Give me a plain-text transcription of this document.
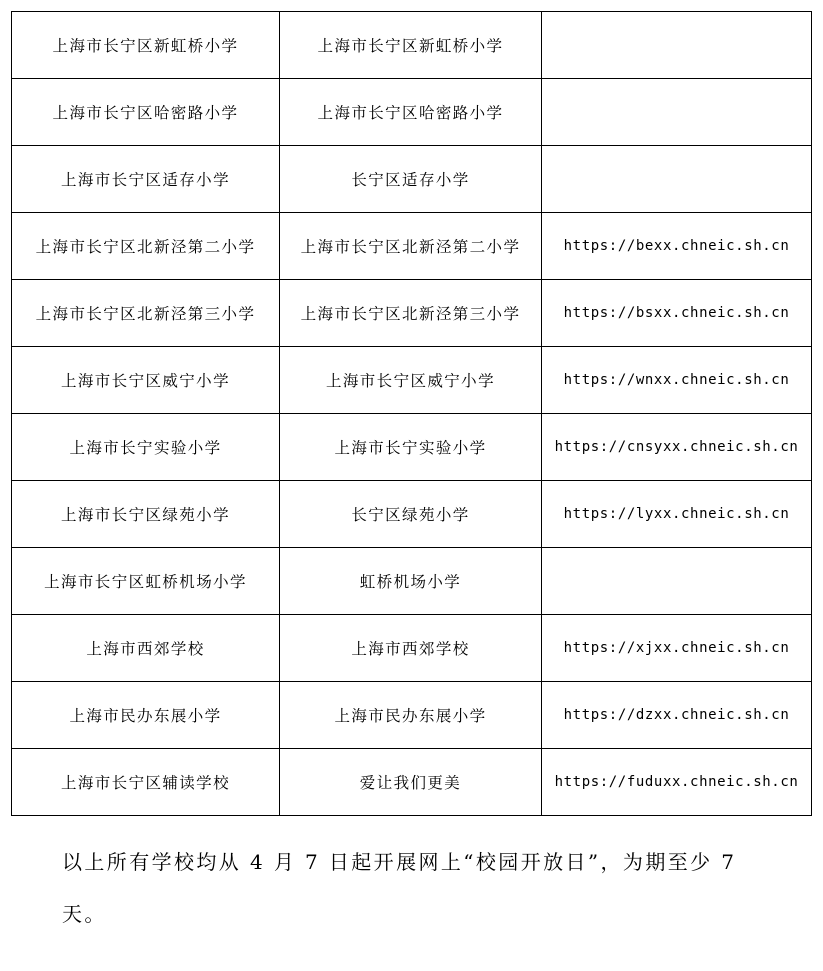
上海市长宁区新虹桥小学	上海市长宁区新虹桥小学	
上海市长宁区哈密路小学	上海市长宁区哈密路小学	
上海市长宁区适存小学	长宁区适存小学	
上海市长宁区北新泾第二小学	上海市长宁区北新泾第二小学	https://bexx.chneic.sh.cn
上海市长宁区北新泾第三小学	上海市长宁区北新泾第三小学	https://bsxx.chneic.sh.cn
上海市长宁区威宁小学	上海市长宁区威宁小学	https://wnxx.chneic.sh.cn
上海市长宁实验小学	上海市长宁实验小学	https://cnsyxx.chneic.sh.cn
上海市长宁区绿苑小学	长宁区绿苑小学	https://lyxx.chneic.sh.cn
上海市长宁区虹桥机场小学	虹桥机场小学	
上海市西郊学校	上海市西郊学校	https://xjxx.chneic.sh.cn
上海市民办东展小学	上海市民办东展小学	https://dzxx.chneic.sh.cn
上海市长宁区辅读学校	爱让我们更美	https://fuduxx.chneic.sh.cn

以上所有学校均从 4 月 7 日起开展网上“校园开放日”，为期至少 7 天。
